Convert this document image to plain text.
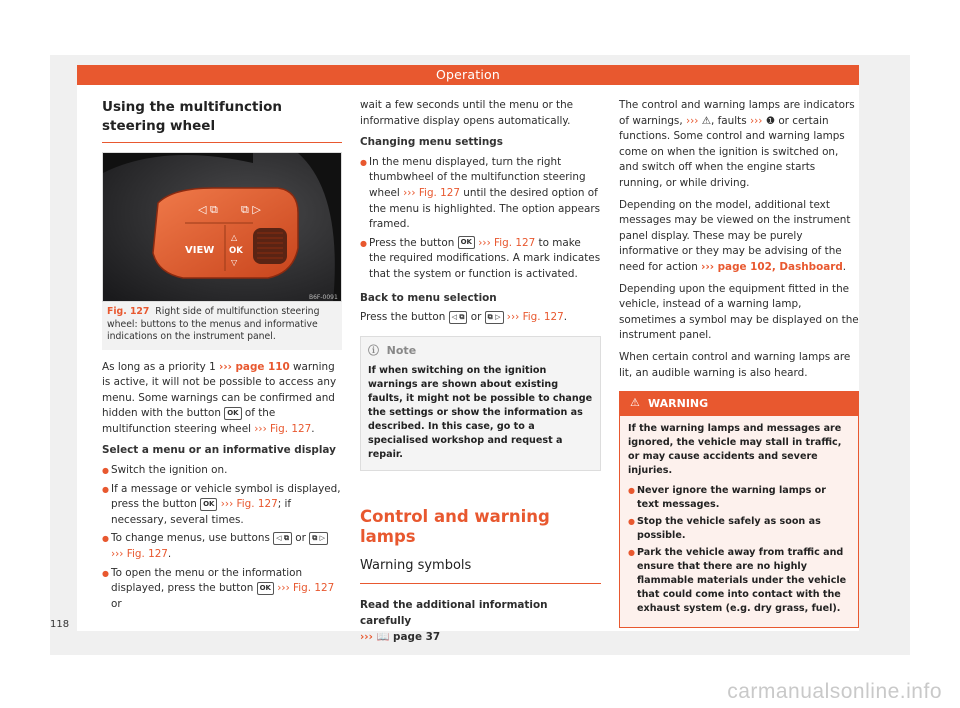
Operation
118
Using the multifunction steering wheel
◁ ⧉ ⧉ ▷
VIEW
△
OK
▽
B6F-0091
Fig. 127 Right side of multifunction steering wheel: buttons to the menus and informative indications on the instrument panel.

As long as a priority 1 ››› page 110 warning is active, it will not be possible to access any menu. Some warnings can be confirmed and hidden with the button OK of the multifunction steering wheel ››› Fig. 127.

Select a menu or an informative display
● Switch the ignition on.
● If a message or vehicle symbol is displayed, press the button OK ››› Fig. 127; if necessary, several times.
● To change menus, use buttons ◁ ⧉ or ⧉ ▷ ››› Fig. 127.
● To open the menu or the information displayed, press the button OK ››› Fig. 127 or

wait a few seconds until the menu or the informative display opens automatically.

Changing menu settings
● In the menu displayed, turn the right thumbwheel of the multifunction steering wheel ››› Fig. 127 until the desired option of the menu is highlighted. The option appears framed.
● Press the button OK ››› Fig. 127 to make the required modifications. A mark indicates that the system or function is activated.
Back to menu selection

Press the button ◁ ⧉ or ⧉ ▷ ››› Fig. 127.

ⓘ Note
If when switching on the ignition warnings are shown about existing faults, it might not be possible to change the settings or show the information as described. In this case, go to a specialised workshop and request a repair.
Control and warning lamps
Warning symbols

Read the additional information carefully
››› 📖 page 37

The control and warning lamps are indicators of warnings, ››› ⚠, faults ››› ❶ or certain functions. Some control and warning lamps come on when the ignition is switched on, and switch off when the engine starts running, or while driving.

Depending on the model, additional text messages may be viewed on the instrument panel display. These may be purely informative or they may be advising of the need for action ››› page 102, Dashboard.

Depending upon the equipment fitted in the vehicle, instead of a warning lamp, sometimes a symbol may be displayed on the instrument panel.

When certain control and warning lamps are lit, an audible warning is also heard.

⚠ WARNING

If the warning lamps and messages are ignored, the vehicle may stall in traffic, or may cause accidents and severe injuries.

● Never ignore the warning lamps or text messages.
● Stop the vehicle safely as soon as possible.
● Park the vehicle away from traffic and ensure that there are no highly flammable materials under the vehicle that could come into contact with the exhaust system (e.g. dry grass, fuel).
carmanualsonline.info
